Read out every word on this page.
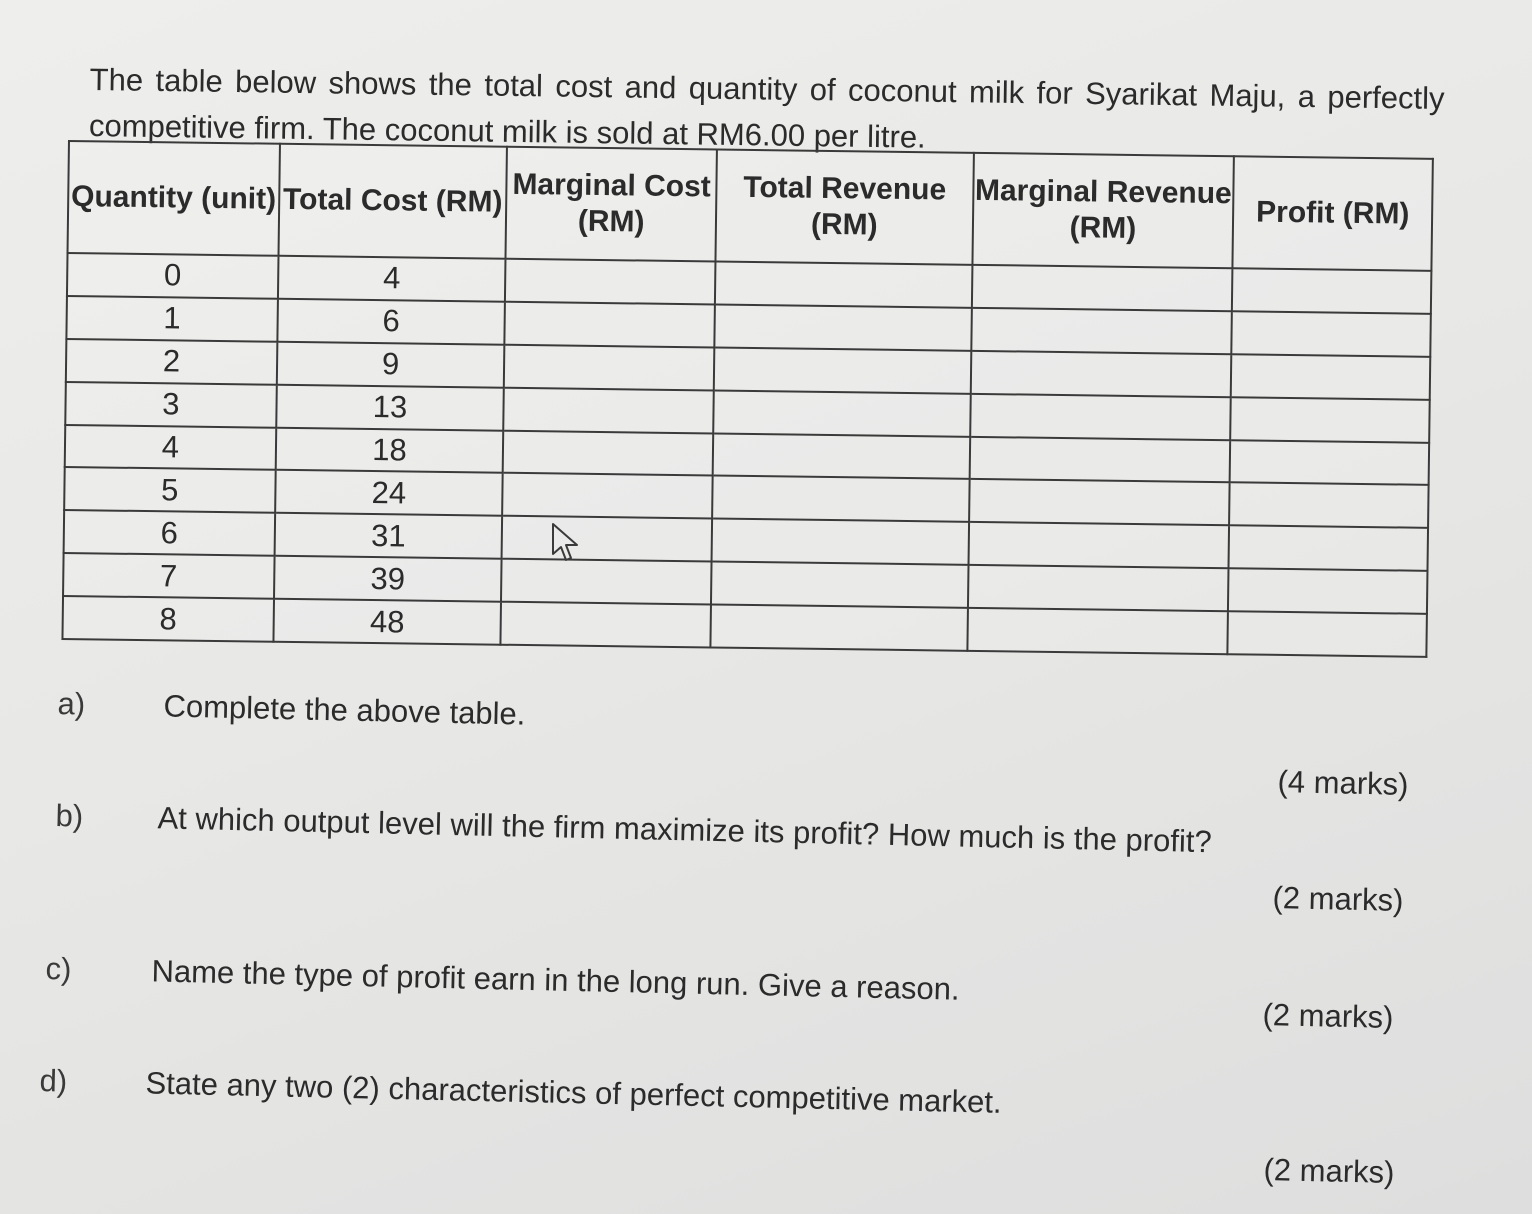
The table below shows the total cost and quantity of coconut milk for Syarikat Maju, a perfectly competitive firm. The coconut milk is sold at RM6.00 per litre.

Quantity (unit)	Total Cost (RM)	Marginal Cost (RM)	Total Revenue (RM)	Marginal Revenue (RM)	Profit (RM)
0	4				
1	6				
2	9				
3	13				
4	18				
5	24				
6	31				
7	39				
8	48				
a)	Complete the above table.
b) At which output level will the firm maximize its profit? How much is the profit?
c)	Name the type of profit earn in the long run. Give a reason.
d)	State any two (2) characteristics of perfect competitive market.
(4 marks)
(2 marks)
(2 marks)
(2 marks)
